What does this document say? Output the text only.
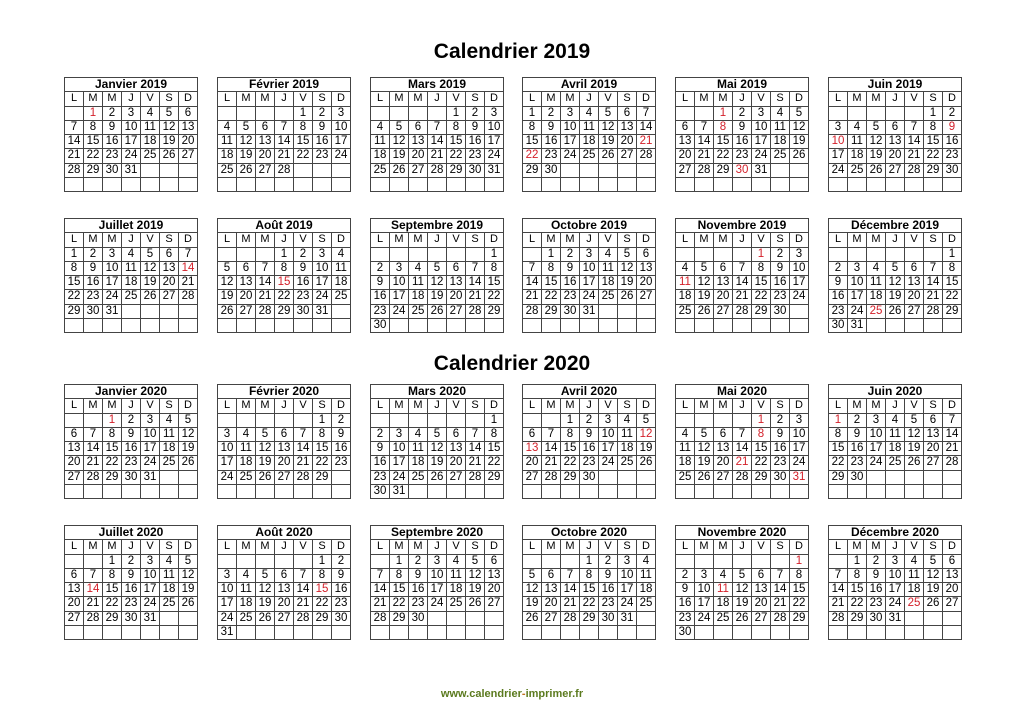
Calendrier 2019
Calendrier 2020
Janvier 2019						
L	M	M	J	V	S	D
	1	2	3	4	5	6
7	8	9	10	11	12	13
14	15	16	17	18	19	20
21	22	23	24	25	26	27
28	29	30	31			

Février 2019						
L	M	M	J	V	S	D
				1	2	3
4	5	6	7	8	9	10
11	12	13	14	15	16	17
18	19	20	21	22	23	24
25	26	27	28			

Mars 2019						
L	M	M	J	V	S	D
				1	2	3
4	5	6	7	8	9	10
11	12	13	14	15	16	17
18	19	20	21	22	23	24
25	26	27	28	29	30	31

Avril 2019						
L	M	M	J	V	S	D
1	2	3	4	5	6	7
8	9	10	11	12	13	14
15	16	17	18	19	20	21
22	23	24	25	26	27	28
29	30					

Mai 2019						
L	M	M	J	V	S	D
		1	2	3	4	5
6	7	8	9	10	11	12
13	14	15	16	17	18	19
20	21	22	23	24	25	26
27	28	29	30	31		

Juin 2019						
L	M	M	J	V	S	D
					1	2
3	4	5	6	7	8	9
10	11	12	13	14	15	16
17	18	19	20	21	22	23
24	25	26	27	28	29	30

Juillet 2019						
L	M	M	J	V	S	D
1	2	3	4	5	6	7
8	9	10	11	12	13	14
15	16	17	18	19	20	21
22	23	24	25	26	27	28
29	30	31				

Août 2019						
L	M	M	J	V	S	D
			1	2	3	4
5	6	7	8	9	10	11
12	13	14	15	16	17	18
19	20	21	22	23	24	25
26	27	28	29	30	31	

Septembre 2019						
L	M	M	J	V	S	D
						1
2	3	4	5	6	7	8
9	10	11	12	13	14	15
16	17	18	19	20	21	22
23	24	25	26	27	28	29
30						
Octobre 2019						
L	M	M	J	V	S	D
	1	2	3	4	5	6
7	8	9	10	11	12	13
14	15	16	17	18	19	20
21	22	23	24	25	26	27
28	29	30	31			

Novembre 2019						
L	M	M	J	V	S	D
				1	2	3
4	5	6	7	8	9	10
11	12	13	14	15	16	17
18	19	20	21	22	23	24
25	26	27	28	29	30	

Décembre 2019						
L	M	M	J	V	S	D
						1
2	3	4	5	6	7	8
9	10	11	12	13	14	15
16	17	18	19	20	21	22
23	24	25	26	27	28	29
30	31					
Janvier 2020						
L	M	M	J	V	S	D
		1	2	3	4	5
6	7	8	9	10	11	12
13	14	15	16	17	18	19
20	21	22	23	24	25	26
27	28	29	30	31		

Février 2020						
L	M	M	J	V	S	D
					1	2
3	4	5	6	7	8	9
10	11	12	13	14	15	16
17	18	19	20	21	22	23
24	25	26	27	28	29	

Mars 2020						
L	M	M	J	V	S	D
						1
2	3	4	5	6	7	8
9	10	11	12	13	14	15
16	17	18	19	20	21	22
23	24	25	26	27	28	29
30	31					
Avril 2020						
L	M	M	J	V	S	D
		1	2	3	4	5
6	7	8	9	10	11	12
13	14	15	16	17	18	19
20	21	22	23	24	25	26
27	28	29	30			

Mai 2020						
L	M	M	J	V	S	D
				1	2	3
4	5	6	7	8	9	10
11	12	13	14	15	16	17
18	19	20	21	22	23	24
25	26	27	28	29	30	31

Juin 2020						
L	M	M	J	V	S	D
1	2	3	4	5	6	7
8	9	10	11	12	13	14
15	16	17	18	19	20	21
22	23	24	25	26	27	28
29	30					

Juillet 2020						
L	M	M	J	V	S	D
		1	2	3	4	5
6	7	8	9	10	11	12
13	14	15	16	17	18	19
20	21	22	23	24	25	26
27	28	29	30	31		

Août 2020						
L	M	M	J	V	S	D
					1	2
3	4	5	6	7	8	9
10	11	12	13	14	15	16
17	18	19	20	21	22	23
24	25	26	27	28	29	30
31						
Septembre 2020						
L	M	M	J	V	S	D
	1	2	3	4	5	6
7	8	9	10	11	12	13
14	15	16	17	18	19	20
21	22	23	24	25	26	27
28	29	30				

Octobre 2020						
L	M	M	J	V	S	D
			1	2	3	4
5	6	7	8	9	10	11
12	13	14	15	16	17	18
19	20	21	22	23	24	25
26	27	28	29	30	31	

Novembre 2020						
L	M	M	J	V	S	D
						1
2	3	4	5	6	7	8
9	10	11	12	13	14	15
16	17	18	19	20	21	22
23	24	25	26	27	28	29
30						
Décembre 2020						
L	M	M	J	V	S	D
	1	2	3	4	5	6
7	8	9	10	11	12	13
14	15	16	17	18	19	20
21	22	23	24	25	26	27
28	29	30	31			

www.calendrier-imprimer.fr
